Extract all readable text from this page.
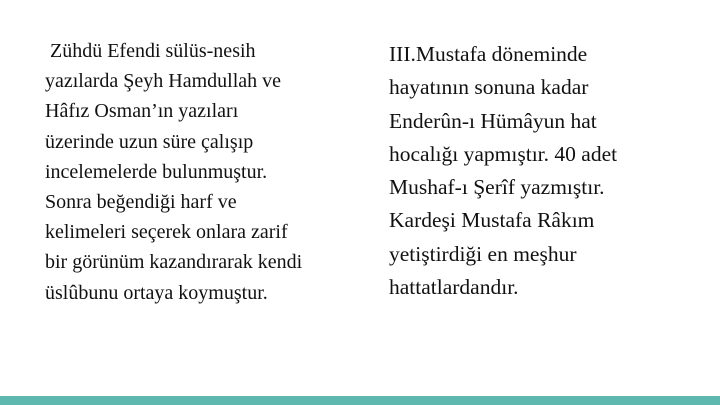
Zühdü Efendi sülüs-nesih
yazılarda Şeyh Hamdullah ve
Hâfız Osman’ın yazıları
üzerinde uzun süre çalışıp
incelemelerde bulunmuştur.
Sonra beğendiği harf ve
kelimeleri seçerek onlara zarif
bir görünüm kazandırarak kendi
üslûbunu ortaya koymuştur.
III.Mustafa döneminde
hayatının sonuna kadar
Enderûn-ı Hümâyun hat
hocalığı yapmıştır. 40 adet
Mushaf-ı Şerîf yazmıştır.
Kardeşi Mustafa Râkım
yetiştirdiği en meşhur
hattatlardandır.
